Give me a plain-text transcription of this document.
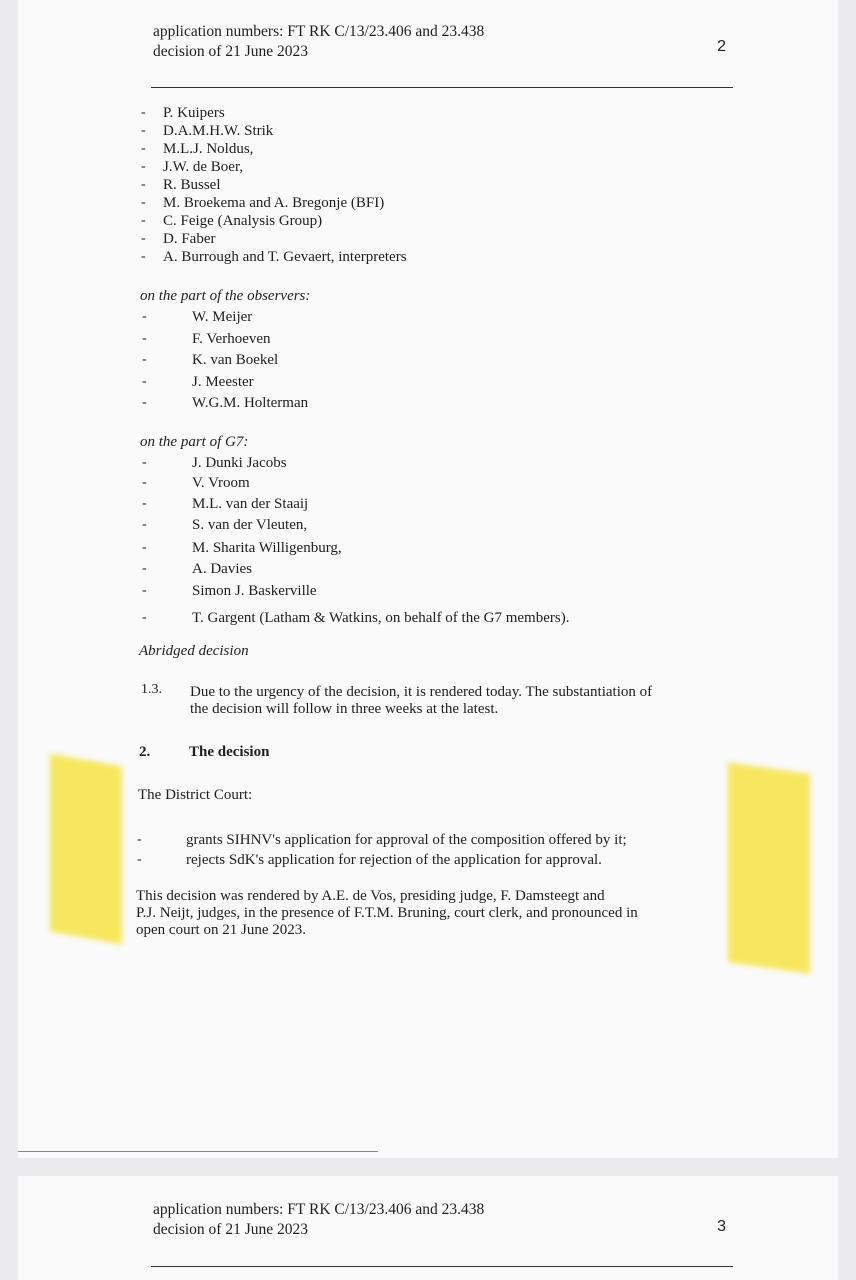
application numbers: FT RK C/13/23.406 and 23.438
decision of 21 June 2023	2
- P. Kuipers
- D.A.M.H.W. Strik
- M.L.J. Noldus,
- J.W. de Boer,
- R. Bussel
- M. Broekema and A. Bregonje (BFI)
- C. Feige (Analysis Group)
- D. Faber
- A. Burrough and T. Gevaert, interpreters
on the part of the observers:
-	W. Meijer
-	F. Verhoeven
-	K. van Boekel
-	J. Meester
-	W.G.M. Holterman
on the part of G7:
-	J. Dunki Jacobs
-	V. Vroom
-	M.L. van der Staaij
-	S. van der Vleuten,
-	M. Sharita Willigenburg,
-	A. Davies
-	Simon J. Baskerville
-	T. Gargent (Latham & Watkins, on behalf of the G7 members).
Abridged decision
1.3. Due to the urgency of the decision, it is rendered today. The substantiation of
the decision will follow in three weeks at the latest.
2.	The decision
The District Court:
-	grants SIHNV's application for approval of the composition offered by it;
-	rejects SdK's application for rejection of the application for approval.
This decision was rendered by A.E. de Vos, presiding judge, F. Damsteegt and
P.J. Neijt, judges, in the presence of F.T.M. Bruning, court clerk, and pronounced in
open court on 21 June 2023.
application numbers: FT RK C/13/23.406 and 23.438
decision of 21 June 2023	3
